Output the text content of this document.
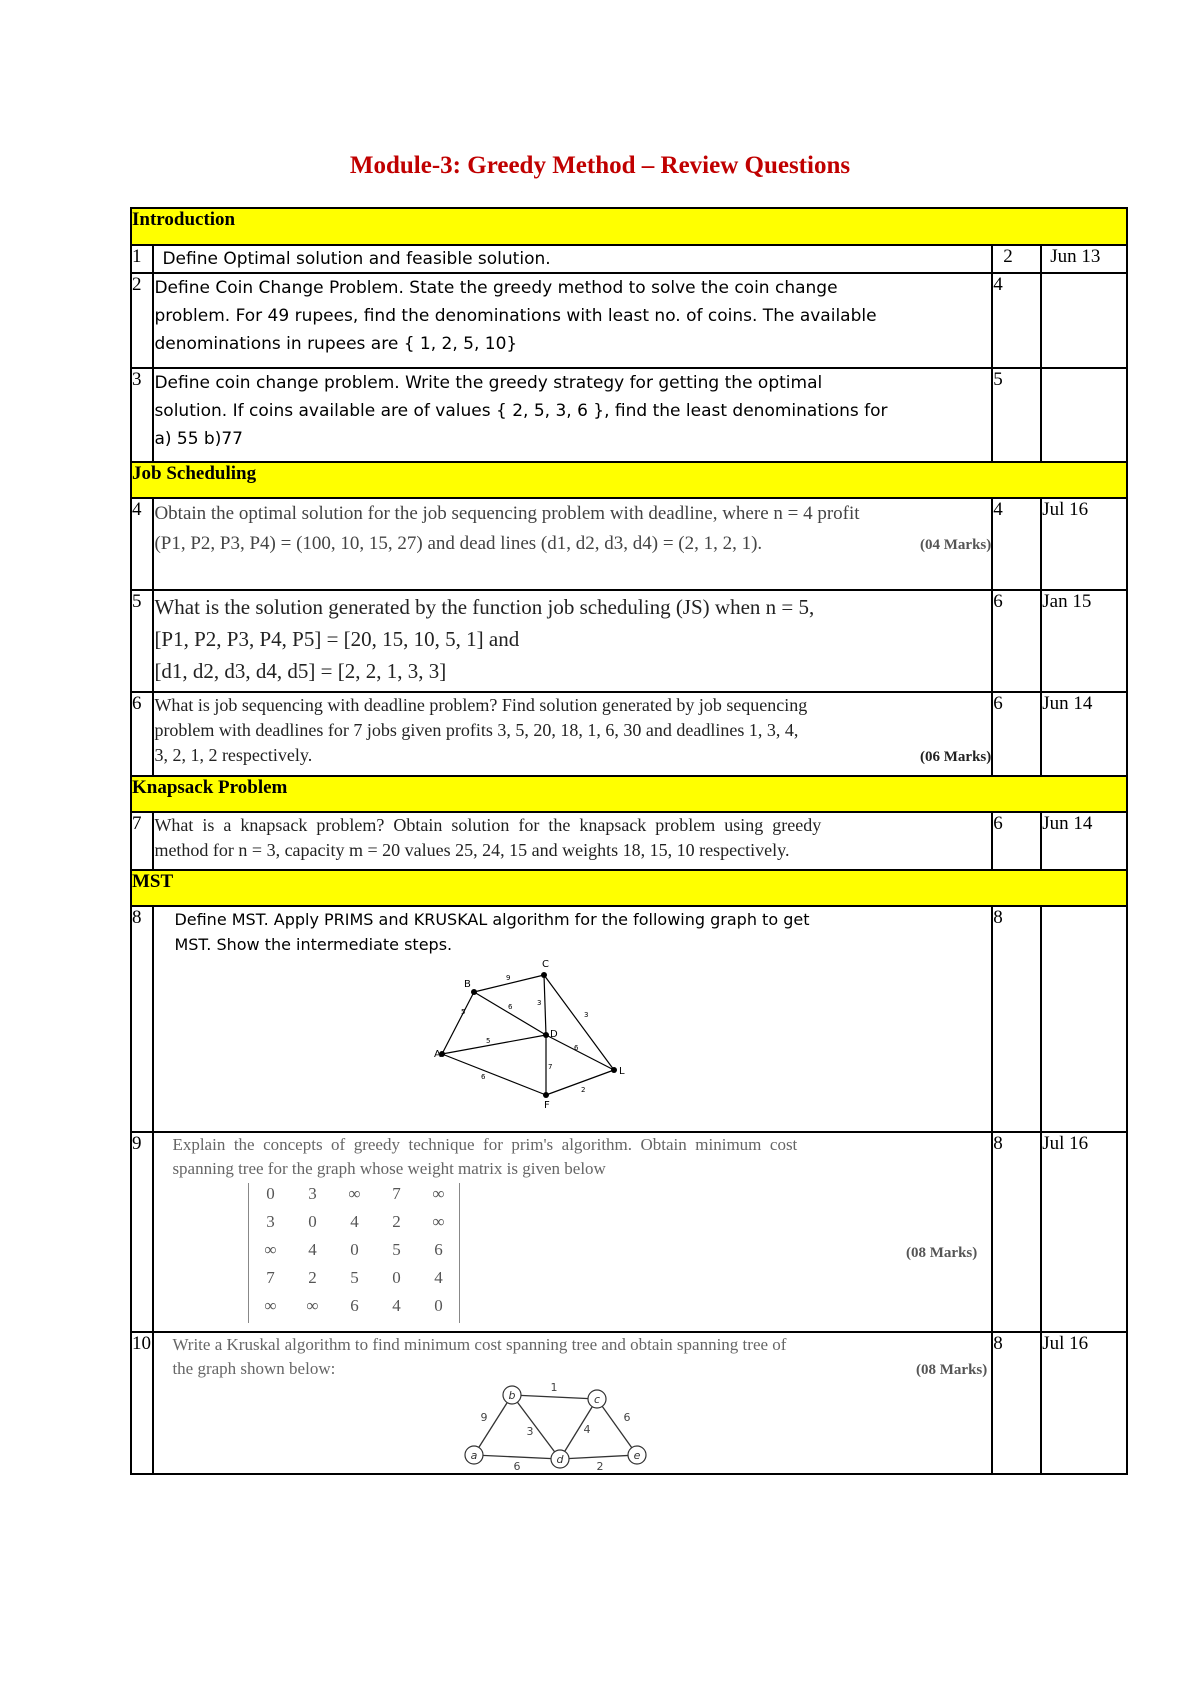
Module-3: Greedy Method – Review Questions
Introduction
1	Define Optimal solution and feasible solution.	2	Jun 13
2	Define Coin Change Problem. State the greedy method to solve the coin change
problem. For 49 rupees, find the denominations with least no. of coins. The available
denominations in rupees are { 1, 2, 5, 10}
	4	
3	Define coin change problem. Write the greedy strategy for getting the optimal
solution. If coins available are of values { 2, 5, 3, 6 }, find the least denominations for
a) 55 b)77
	5	
Job Scheduling
4	Obtain the optimal solution for the job sequencing problem with deadline, where n = 4 profit
(P1, P2, P3, P4) = (100, 10, 15, 27) and dead lines (d1, d2, d3, d4) = (2, 1, 2, 1).	(04 Marks)
	4	Jul 16
5	What is the solution generated by the function job scheduling (JS) when n = 5,
[P1, P2, P3, P4, P5] = [20, 15, 10, 5, 1] and
[d1, d2, d3, d4, d5] = [2, 2, 1, 3, 3]
	6	Jan 15
6	What is job sequencing with deadline problem? Find solution generated by job sequencing
problem with deadlines for 7 jobs given profits 3, 5, 20, 18, 1, 6, 30 and deadlines 1, 3, 4,
3, 2, 1, 2 respectively.	(06 Marks)
	6	Jun 14
Knapsack Problem
7	What  is  a  knapsack  problem?  Obtain  solution  for  the  knapsack  problem  using  greedy
method for n = 3, capacity m = 20 values 25, 24, 15 and weights 18, 15, 10 respectively.
	6	Jun 14
MST
8	Define MST. Apply PRIMS and KRUSKAL algorithm for the following graph to get
MST. Show the intermediate steps.
B
C
A
D
L
F
9
3
6
3
5
5
6
6
7
2
	8	
9	Explain  the  concepts  of  greedy  technique  for  prim's  algorithm.  Obtain  minimum  cost
spanning tree for the graph whose weight matrix is given below
0	3	∞	7	∞
3	0	4	2	∞
∞	4	0	5	6
7	2	5	0	4
∞	∞	6	4	0
(08 Marks)
	8	Jul 16
10	Write a Kruskal algorithm to find minimum cost spanning tree and obtain spanning tree of
the graph shown below:	(08 Marks)
b	c
a	d	e
1
9
3	4
6
6	2
	8	Jul 16
